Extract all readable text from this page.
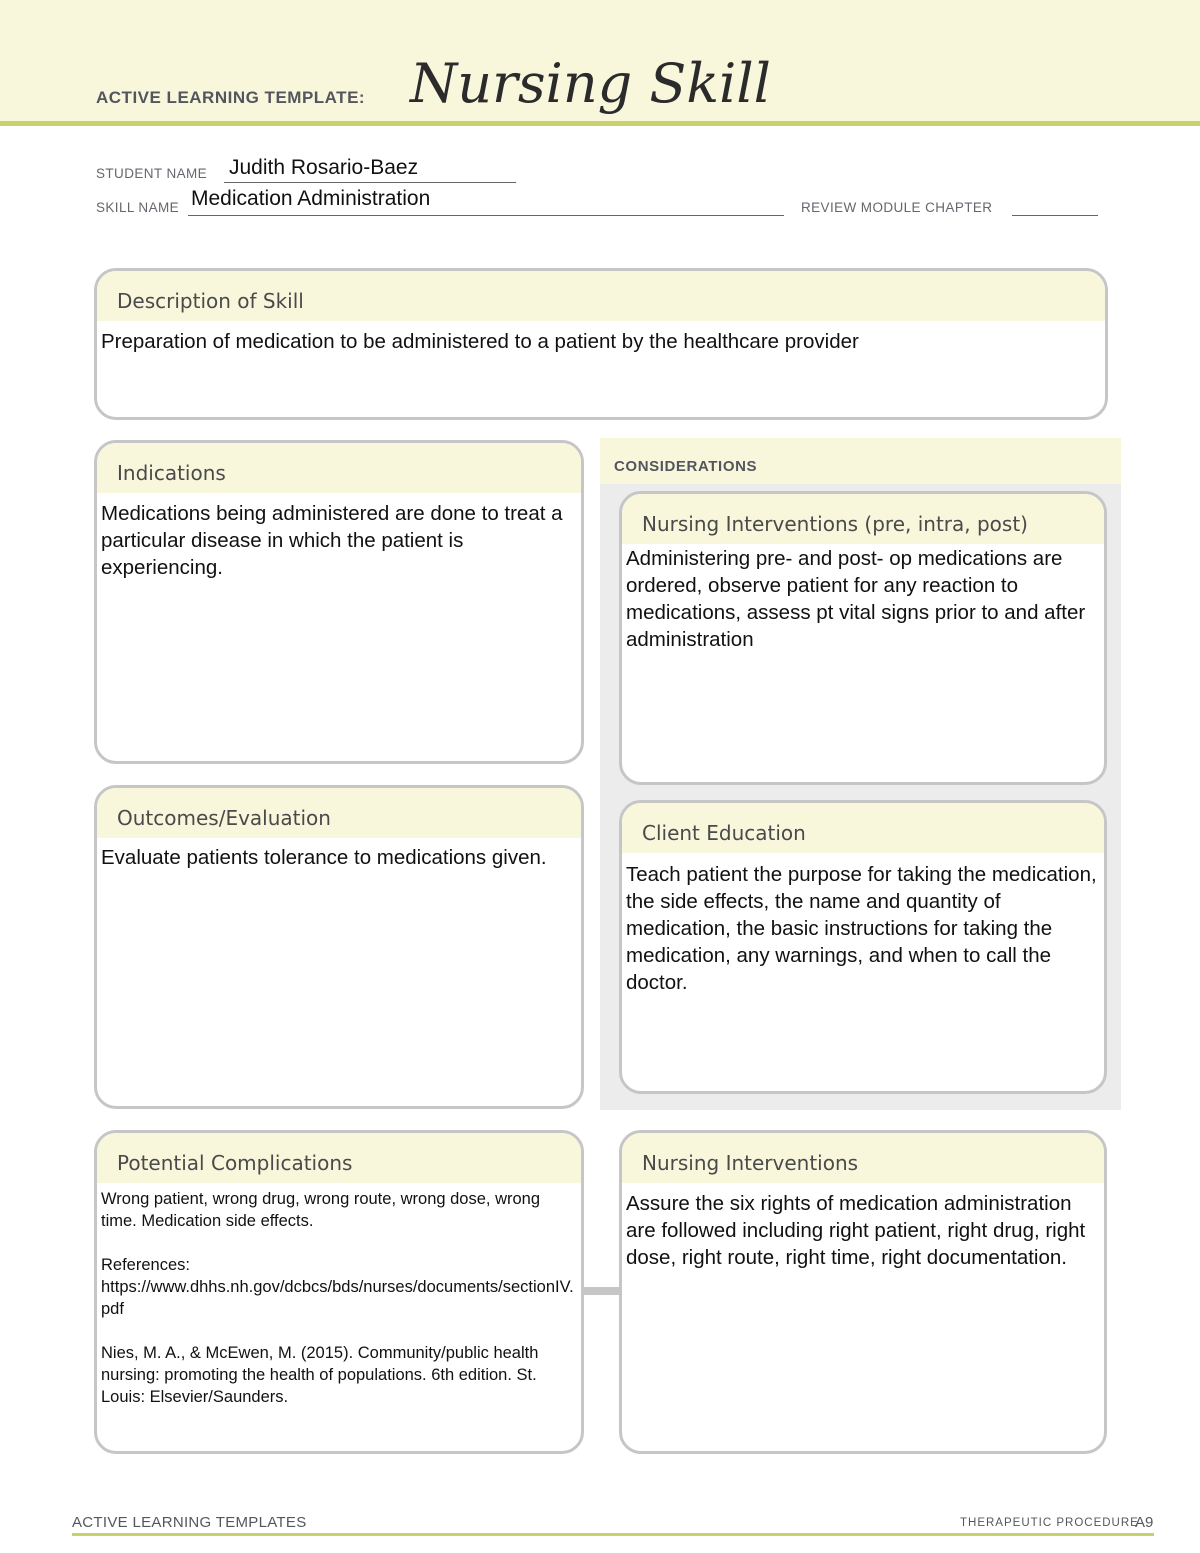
ACTIVE LEARNING TEMPLATE: Nursing Skill
STUDENT NAME Judith Rosario-Baez
SKILL NAME Medication Administration	REVIEW MODULE CHAPTER
Description of Skill
Preparation of medication to be administered to a patient by the healthcare provider
Indications
Medications being administered are done to treat a particular disease in which the patient is experiencing.
Outcomes/Evaluation
Evaluate patients tolerance to medications given.
CONSIDERATIONS
Nursing Interventions (pre, intra, post)
Administering pre- and post- op medications are ordered, observe patient for any reaction to medications, assess pt vital signs prior to and after administration
Client Education
Teach patient the purpose for taking the medication, the side effects, the name and quantity of medication, the basic instructions for taking the medication, any warnings, and when to call the doctor.
Potential Complications
Wrong patient, wrong drug, wrong route, wrong dose, wrong time. Medication side effects.
References:
https://www.dhhs.nh.gov/dcbcs/bds/nurses/documents/sectionIV.pdf
Nies, M. A., & McEwen, M. (2015). Community/public health nursing: promoting the health of populations. 6th edition. St. Louis: Elsevier/Saunders.
Nursing Interventions
Assure the six rights of medication administration are followed including right patient, right drug, right dose, right route, right time, right documentation.
ACTIVE LEARNING TEMPLATES	THERAPEUTIC PROCEDURE
A9
